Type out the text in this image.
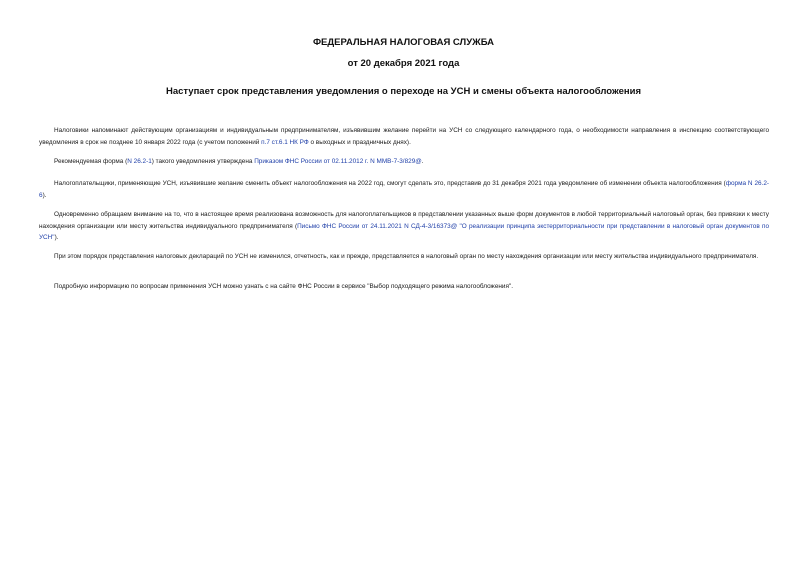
ФЕДЕРАЛЬНАЯ НАЛОГОВАЯ СЛУЖБА
от 20 декабря 2021 года
Наступает срок представления уведомления о переходе на УСН и смены объекта налогообложения

Налоговики напоминают действующим организациям и индивидуальным предпринимателям, изъявившим желание перейти на УСН со следующего календарного года, о необходимости направления в инспекцию соответствующего уведомления в срок не позднее 10 января 2022 года (с учетом положений п.7 ст.6.1 НК РФ о выходных и праздничных днях).

Рекомендуемая форма (N 26.2-1) такого уведомления утверждена Приказом ФНС России от 02.11.2012 г. N ММВ-7-3/829@.

Налогоплательщики, применяющие УСН, изъявившие желание сменить объект налогообложения на 2022 год, смогут сделать это, представив до 31 декабря 2021 года уведомление об изменении объекта налогообложения (форма N 26.2-6).

Одновременно обращаем внимание на то, что в настоящее время реализована возможность для налогоплательщиков в представлении указанных выше форм документов в любой территориальный налоговый орган, без привязки к месту нахождения организации или месту жительства индивидуального предпринимателя (Письмо ФНС России от 24.11.2021 N СД-4-3/16373@ "О реализации принципа экстерриториальности при представлении в налоговый орган документов по УСН").

При этом порядок представления налоговых деклараций по УСН не изменился, отчетность, как и прежде, представляется в налоговый орган по месту нахождения организации или месту жительства индивидуального предпринимателя.

Подробную информацию по вопросам применения УСН можно узнать с на сайте ФНС России в сервисе "Выбор подходящего режима налогообложения".
